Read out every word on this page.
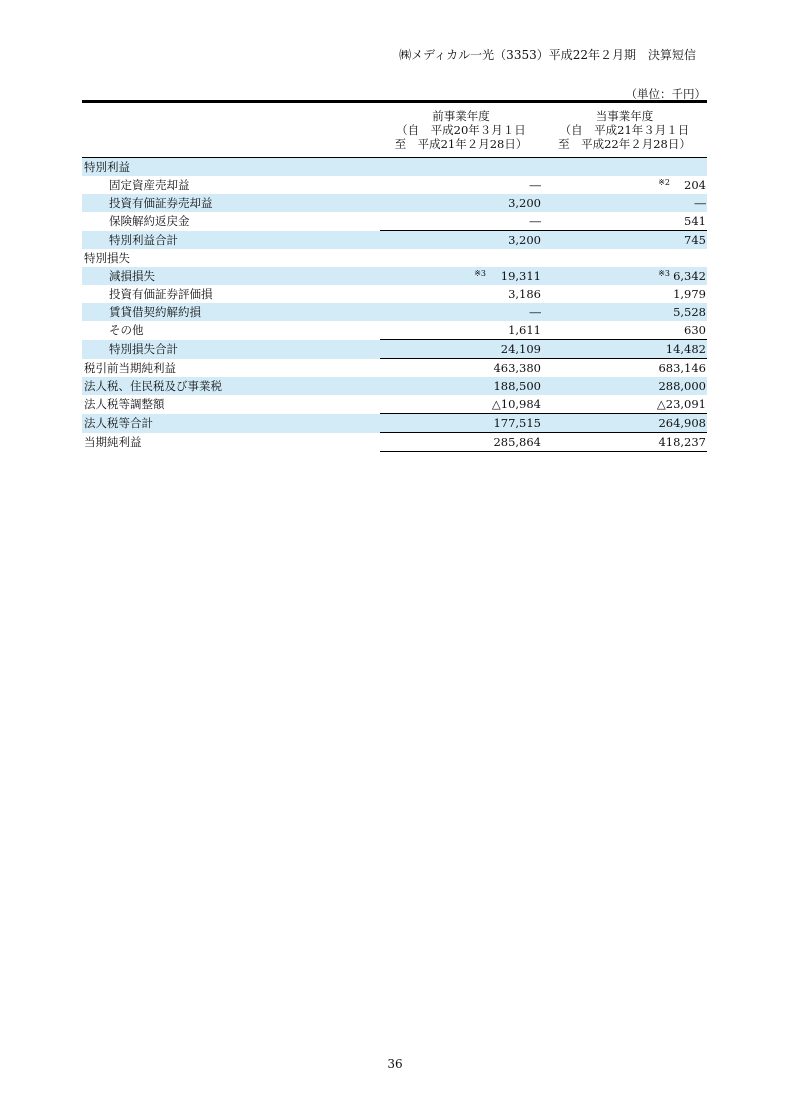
㈱メディカル一光（3353）平成22年２月期　決算短信
（単位：千円）

	前事業年度
（自　平成20年３月１日
至　平成21年２月28日）	当事業年度
（自　平成21年３月１日
至　平成22年２月28日）

特別利益		
固定資産売却益	―	※2 204
投資有価証券売却益	3,200	―
保険解約返戻金	―	541
特別利益合計	3,200	745
特別損失		
減損損失	※3 19,311	※3 6,342
投資有価証券評価損	3,186	1,979
賃貸借契約解約損	―	5,528
その他	1,611	630
特別損失合計	24,109	14,482
税引前当期純利益	463,380	683,146
法人税、住民税及び事業税	188,500	288,000
法人税等調整額	△10,984	△23,091
法人税等合計	177,515	264,908
当期純利益	285,864	418,237
36
